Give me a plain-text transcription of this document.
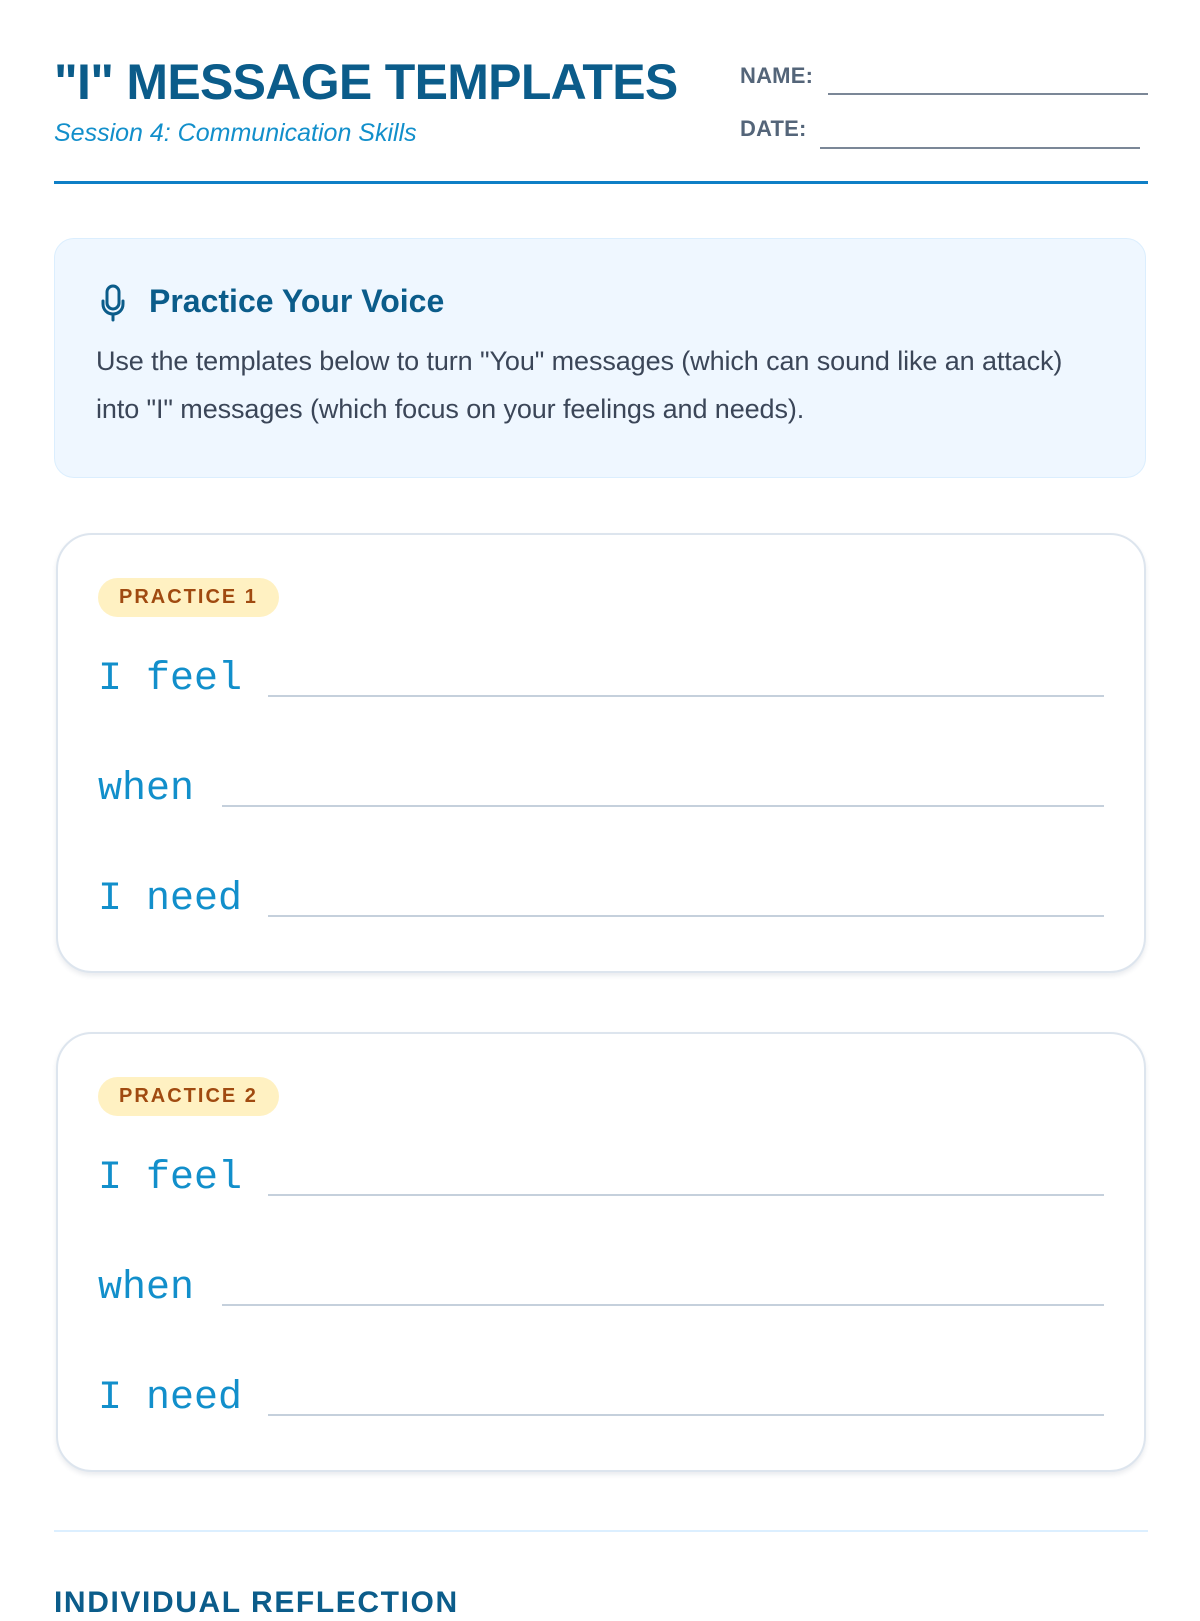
"I" MESSAGE TEMPLATES
Session 4: Communication Skills
NAME:
DATE:
Practice Your Voice

Use the templates below to turn "You" messages (which can sound like an attack) into "I" messages (which focus on your feelings and needs).

PRACTICE 1
I feel
when
I need
PRACTICE 2
I feel
when
I need
INDIVIDUAL REFLECTION
